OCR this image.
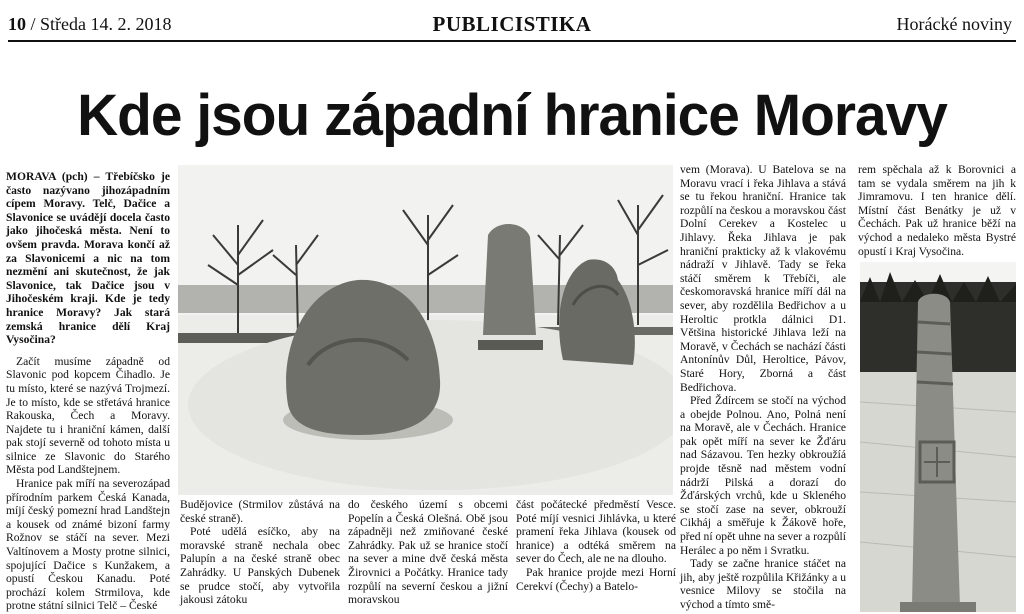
10 / Středa 14. 2. 2018	PUBLICISTIKA	Horácké noviny
Kde jsou západní hranice Moravy

MORAVA (pch) – Třebíčsko je často nazývano jihozápadním cípem Moravy. Telč, Dačice a Slavonice se uvádějí docela často jako jihočeská města. Není to ovšem pravda. Morava končí až za Slavonicemi a nic na tom nezmění ani skutečnost, že jak Slavonice, tak Dačice jsou v Jihočeském kraji. Kde je tedy hranice Moravy? Jak stará zemská hranice dělí Kraj Vysočina?

Začít musíme západně od Slavonic pod kopcem Čihadlo. Je tu místo, které se nazývá Trojmezí. Je to místo, kde se střetává hranice Rakouska, Čech a Moravy. Najdete tu i hraniční kámen, další pak stojí severně od tohoto místa u silnice ze Slavonic do Starého Města pod Landštejnem.

Hranice pak míří na severozápad přírodním parkem Česká Kanada, míjí český pomezní hrad Landštejn a kousek od známé bizoní farmy Rožnov se stáčí na sever. Mezi Valtínovem a Mosty protne silnici, spojující Dačice s Kunžakem, a opustí Českou Kanadu. Poté prochází kolem Strmilova, kde protne státní silnici Telč – České

Budějovice (Strmilov zůstává na české straně).

Poté udělá esíčko, aby na moravské straně nechala obec Palupín a na české straně obec Zahrádky. U Panských Dubenek se prudce stočí, aby vytvořila jakousi zátoku

do českého území s obcemi Popelín a Česká Olešná. Obě jsou západněji než zmiňované české Zahrádky. Pak už se hranice stočí na sever a mine dvě česká města Žirovnici a Počátky. Hranice tady rozpůlí na severní českou a jižní moravskou

část počátecké předměstí Vesce. Poté míjí vesnici Jihlávka, u které pramení řeka Jihlava (kousek od hranice) a odtéká směrem na sever do Čech, ale ne na dlouho.

Pak hranice projde mezi Horní Cerekví (Čechy) a Batelo-

vem (Morava). U Batelova se na Moravu vrací i řeka Jihlava a stává se tu řekou hraniční. Hranice tak rozpůlí na českou a moravskou část Dolní Cerekev a Kostelec u Jihlavy. Řeka Jihlava je pak hraniční prakticky až k vlakovému nádraží v Jihlavě. Tady se řeka stáčí směrem k Třebíči, ale českomoravská hranice míří dál na sever, aby rozdělila Bedřichov a u Heroltic protkla dálnici D1. Většina historické Jihlava leží na Moravě, v Čechách se nachází části Antonínův Důl, Heroltice, Pávov, Staré Hory, Zborná a část Bedřichova.

Před Ždírcem se stočí na východ a obejde Polnou. Ano, Polná není na Moravě, ale v Čechách. Hranice pak opět míří na sever ke Žďáru nad Sázavou. Ten hezky obkroužíá projde těsně nad městem vodní nádrží Pilská a dorazí do Žďárských vrchů, kde u Skleného se stočí zase na sever, obkrouží Cikháj a směřuje k Žákově hoře, před ní opět uhne na sever a rozpůlí Herálec a po něm i Svratku.

Tady se začne hranice stáčet na jih, aby ještě rozpůlila Křižánky a u vesnice Milovy se stočila na východ a tímto smě-

rem spěchala až k Borovnici a tam se vydala směrem na jih k Jimramovu. I ten hranice dělí. Místní část Benátky je už v Čechách. Pak už hranice běží na východ a nedaleko města Bystré opustí i Kraj Vysočina.
